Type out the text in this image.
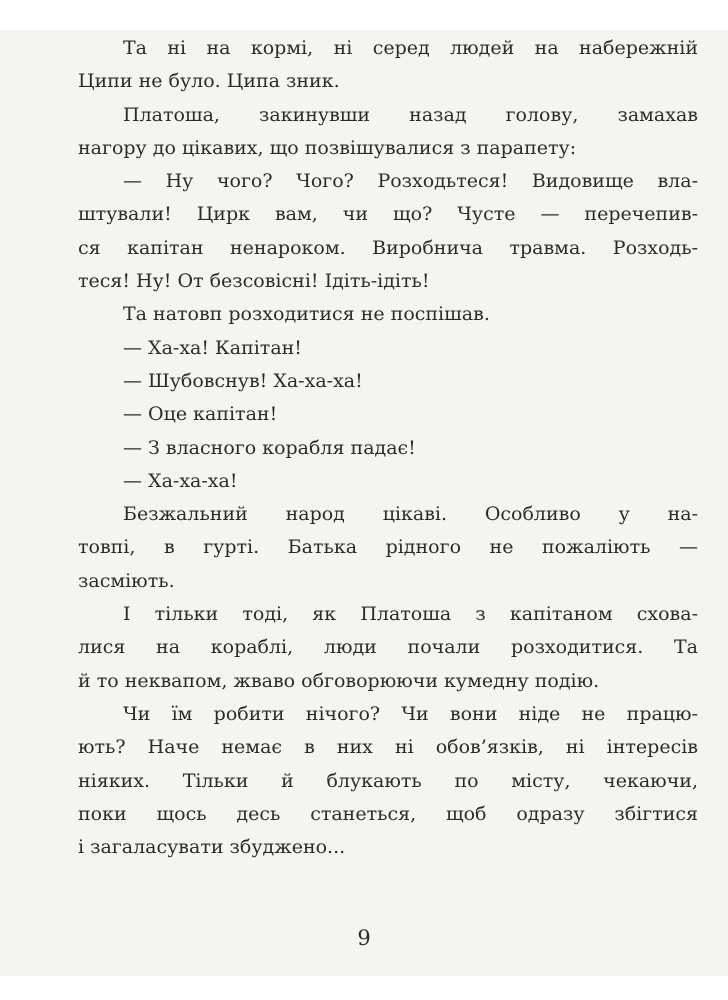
Та ні на кормі, ні серед людей на набережній
Ципи не було. Ципа зник.
Платоша, закинувши назад голову, замахав
нагору до цікавих, що позвішувалися з парапету:
— Ну чого? Чого? Розходьтеся! Видовище вла-
штували! Цирк вам, чи що? Чусте — перечепив-
ся капітан ненароком. Виробнича травма. Розходь-
теся! Ну! От безсовісні! Ідіть-ідіть!
Та натовп розходитися не поспішав.
— Ха-ха! Капітан!
— Шубовснув! Ха-ха-ха!
— Оце капітан!
— З власного корабля падає!
— Ха-ха-ха!
Безжальний народ цікаві. Особливо у на-
товпі, в гурті. Батька рідного не пожаліють —
засміють.
І тільки тоді, як Платоша з капітаном схова-
лися на кораблі, люди почали розходитися. Та
й то неквапом, жваво обговорюючи кумедну подію.
Чи їм робити нічого? Чи вони ніде не працю-
ють? Наче немає в них ні обов’язків, ні інтересів
ніяких. Тільки й блукають по місту, чекаючи,
поки щось десь станеться, щоб одразу збігтися
і загаласувати збуджено...
9
